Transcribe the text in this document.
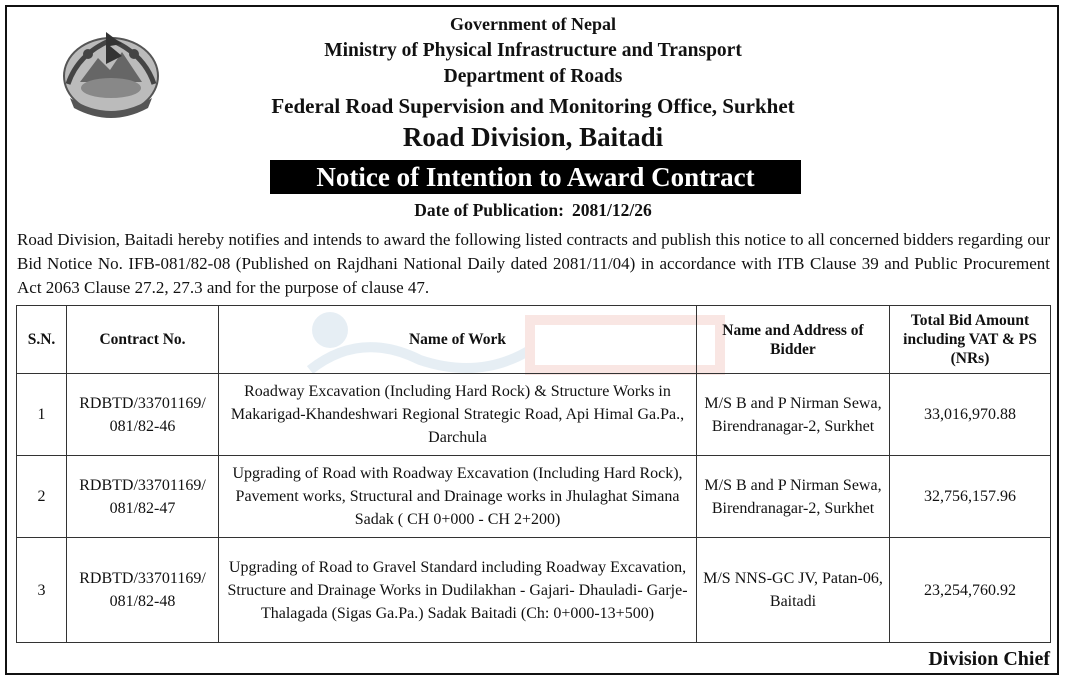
Government of Nepal
Ministry of Physical Infrastructure and Transport
Department of Roads
Federal Road Supervision and Monitoring Office, Surkhet
Road Division, Baitadi
Notice of Intention to Award Contract
Date of Publication: 2081/12/26
Road Division, Baitadi hereby notifies and intends to award the following listed contracts and publish this notice to all concerned bidders regarding our Bid Notice No. IFB-081/82-08 (Published on Rajdhani National Daily dated 2081/11/04) in accordance with ITB Clause 39 and Public Procurement Act 2063 Clause 27.2, 27.3 and for the purpose of clause 47.
S.N.	Contract No.	Name of Work	Name and Address of Bidder	Total Bid Amount including VAT & PS (NRs)
1	RDBTD/33701169/ 081/82-46	Roadway Excavation (Including Hard Rock) & Structure Works in Makarigad-Khandeshwari Regional Strategic Road, Api Himal Ga.Pa., Darchula	M/S B and P Nirman Sewa, Birendranagar-2, Surkhet	33,016,970.88
2	RDBTD/33701169/ 081/82-47	Upgrading of Road with Roadway Excavation (Including Hard Rock), Pavement works, Structural and Drainage works in Jhulaghat Simana Sadak ( CH 0+000 - CH 2+200)	M/S B and P Nirman Sewa, Birendranagar-2, Surkhet	32,756,157.96
3	RDBTD/33701169/ 081/82-48	Upgrading of Road to Gravel Standard including Roadway Excavation, Structure and Drainage Works in Dudilakhan - Gajari- Dhauladi- Garje-Thalagada (Sigas Ga.Pa.) Sadak Baitadi (Ch: 0+000-13+500)	M/S NNS-GC JV, Patan-06, Baitadi	23,254,760.92
Division Chief
